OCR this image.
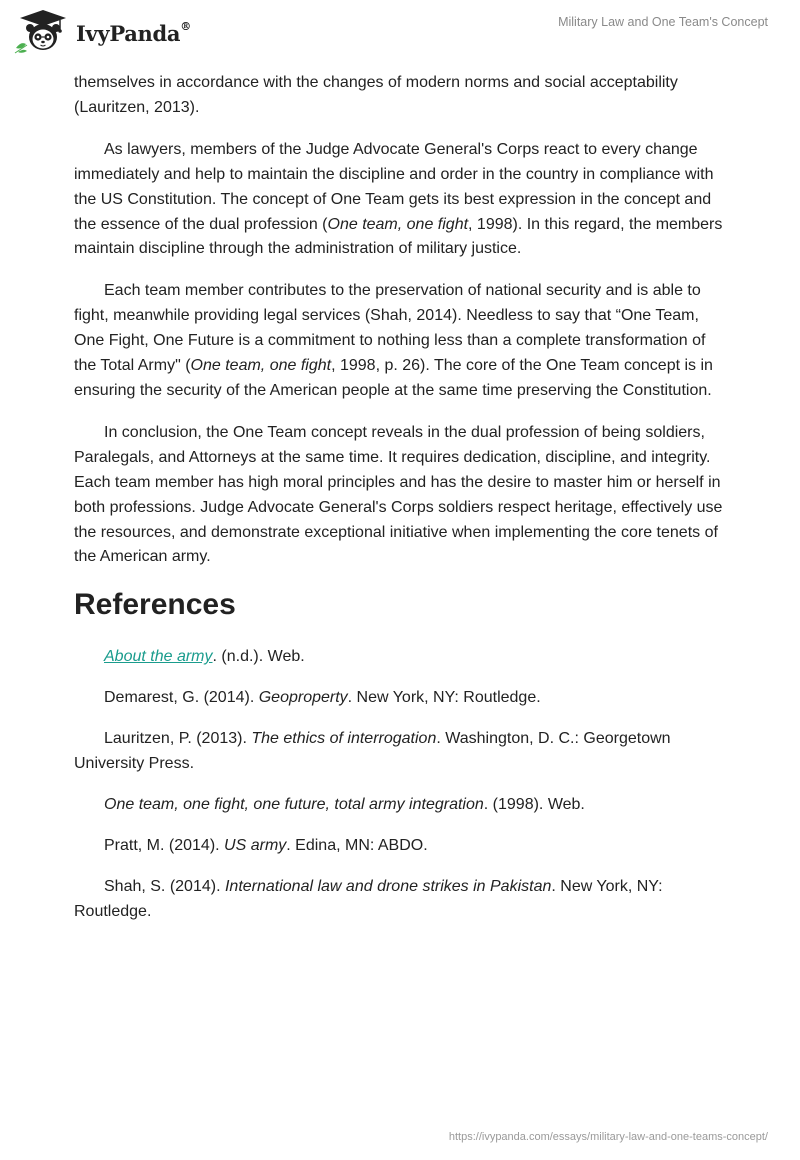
IvyPanda®	Military Law and One Team's Concept

themselves in accordance with the changes of modern norms and social acceptability (Lauritzen, 2013).

As lawyers, members of the Judge Advocate General's Corps react to every change immediately and help to maintain the discipline and order in the country in compliance with the US Constitution. The concept of One Team gets its best expression in the concept and the essence of the dual profession (One team, one fight, 1998). In this regard, the members maintain discipline through the administration of military justice.

Each team member contributes to the preservation of national security and is able to fight, meanwhile providing legal services (Shah, 2014). Needless to say that “One Team, One Fight, One Future is a commitment to nothing less than a complete transformation of the Total Army" (One team, one fight, 1998, p. 26). The core of the One Team concept is in ensuring the security of the American people at the same time preserving the Constitution.

In conclusion, the One Team concept reveals in the dual profession of being soldiers, Paralegals, and Attorneys at the same time. It requires dedication, discipline, and integrity. Each team member has high moral principles and has the desire to master him or herself in both professions. Judge Advocate General's Corps soldiers respect heritage, effectively use the resources, and demonstrate exceptional initiative when implementing the core tenets of the American army.

References

About the army. (n.d.). Web.

Demarest, G. (2014). Geoproperty. New York, NY: Routledge.

Lauritzen, P. (2013). The ethics of interrogation. Washington, D. C.: Georgetown University Press.

One team, one fight, one future, total army integration. (1998). Web.

Pratt, M. (2014). US army. Edina, MN: ABDO.

Shah, S. (2014). International law and drone strikes in Pakistan. New York, NY: Routledge.

https://ivypanda.com/essays/military-law-and-one-teams-concept/
